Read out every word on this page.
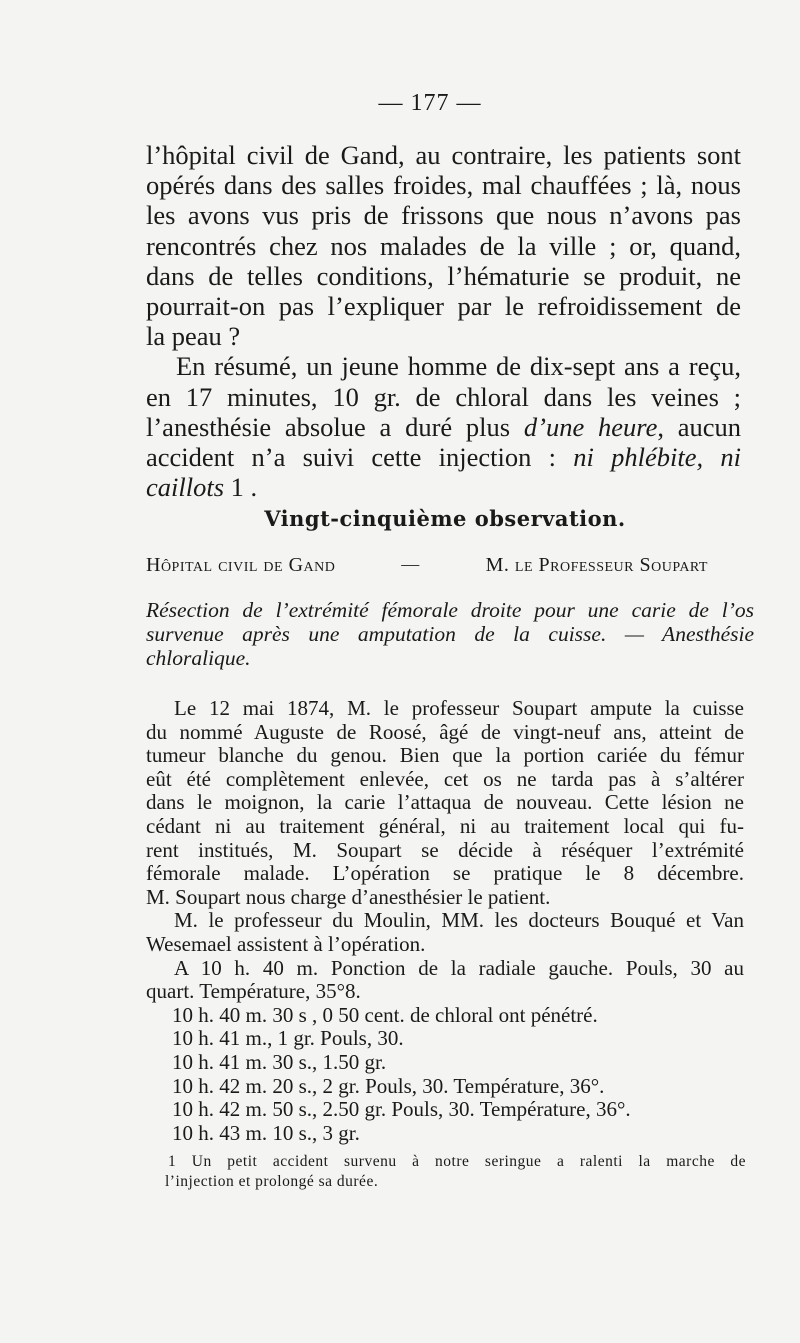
— 177 —
l’hôpital civil de Gand, au contraire, les patients sont
opérés dans des salles froides, mal chauffées ; là, nous
les avons vus pris de frissons que nous n’avons pas
rencontrés chez nos malades de la ville ; or, quand,
dans de telles conditions, l’hématurie se produit, ne
pourrait-on pas l’expliquer par le refroidissement de
la peau ?
En résumé, un jeune homme de dix-sept ans a reçu,
en 17 minutes, 10 gr. de chloral dans les veines ;
l’anesthésie absolue a duré plus d’une heure, aucun
accident n’a suivi cette injection : ni phlébite, ni
caillots 1 .
Vingt-cinquième observation.
Hôpital civil de Gand	—	M. le Professeur Soupart
Résection de l’extrémité fémorale droite pour une carie de l’os
survenue après une amputation de la cuisse. — Anesthésie
chloralique.
Le 12 mai 1874, M. le professeur Soupart ampute la cuisse
du nommé Auguste de Roosé, âgé de vingt-neuf ans, atteint de
tumeur blanche du genou. Bien que la portion cariée du fémur
eût été complètement enlevée, cet os ne tarda pas à s’altérer
dans le moignon, la carie l’attaqua de nouveau. Cette lésion ne
cédant ni au traitement général, ni au traitement local qui fu-
rent institués, M. Soupart se décide à réséquer l’extrémité
fémorale malade. L’opération se pratique le 8 décembre.
M. Soupart nous charge d’anesthésier le patient.
M. le professeur du Moulin, MM. les docteurs Bouqué et Van
Wesemael assistent à l’opération.
A 10 h. 40 m. Ponction de la radiale gauche. Pouls, 30 au
quart. Température, 35°8.
10 h. 40 m. 30 s , 0 50 cent. de chloral ont pénétré.
10 h. 41 m., 1 gr. Pouls, 30.
10 h. 41 m. 30 s., 1.50 gr.
10 h. 42 m. 20 s., 2 gr. Pouls, 30. Température, 36°.
10 h. 42 m. 50 s., 2.50 gr. Pouls, 30. Température, 36°.
10 h. 43 m. 10 s., 3 gr.
1 Un petit accident survenu à notre seringue a ralenti la marche de
l’injection et prolongé sa durée.
